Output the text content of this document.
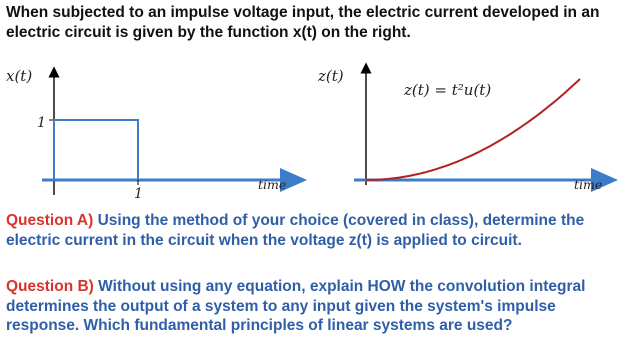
When subjected to an impulse voltage input, the electric current developed in an electric circuit is given by the function x(t) on the right.
x(t)
1
1
time
z(t)
z(t) = t²u(t)
time
Question A) Using the method of your choice (covered in class), determine the electric current in the circuit when the voltage z(t) is applied to circuit.
Question B) Without using any equation, explain HOW the convolution integral determines the output of a system to any input given the system's impulse response. Which fundamental principles of linear systems are used?
